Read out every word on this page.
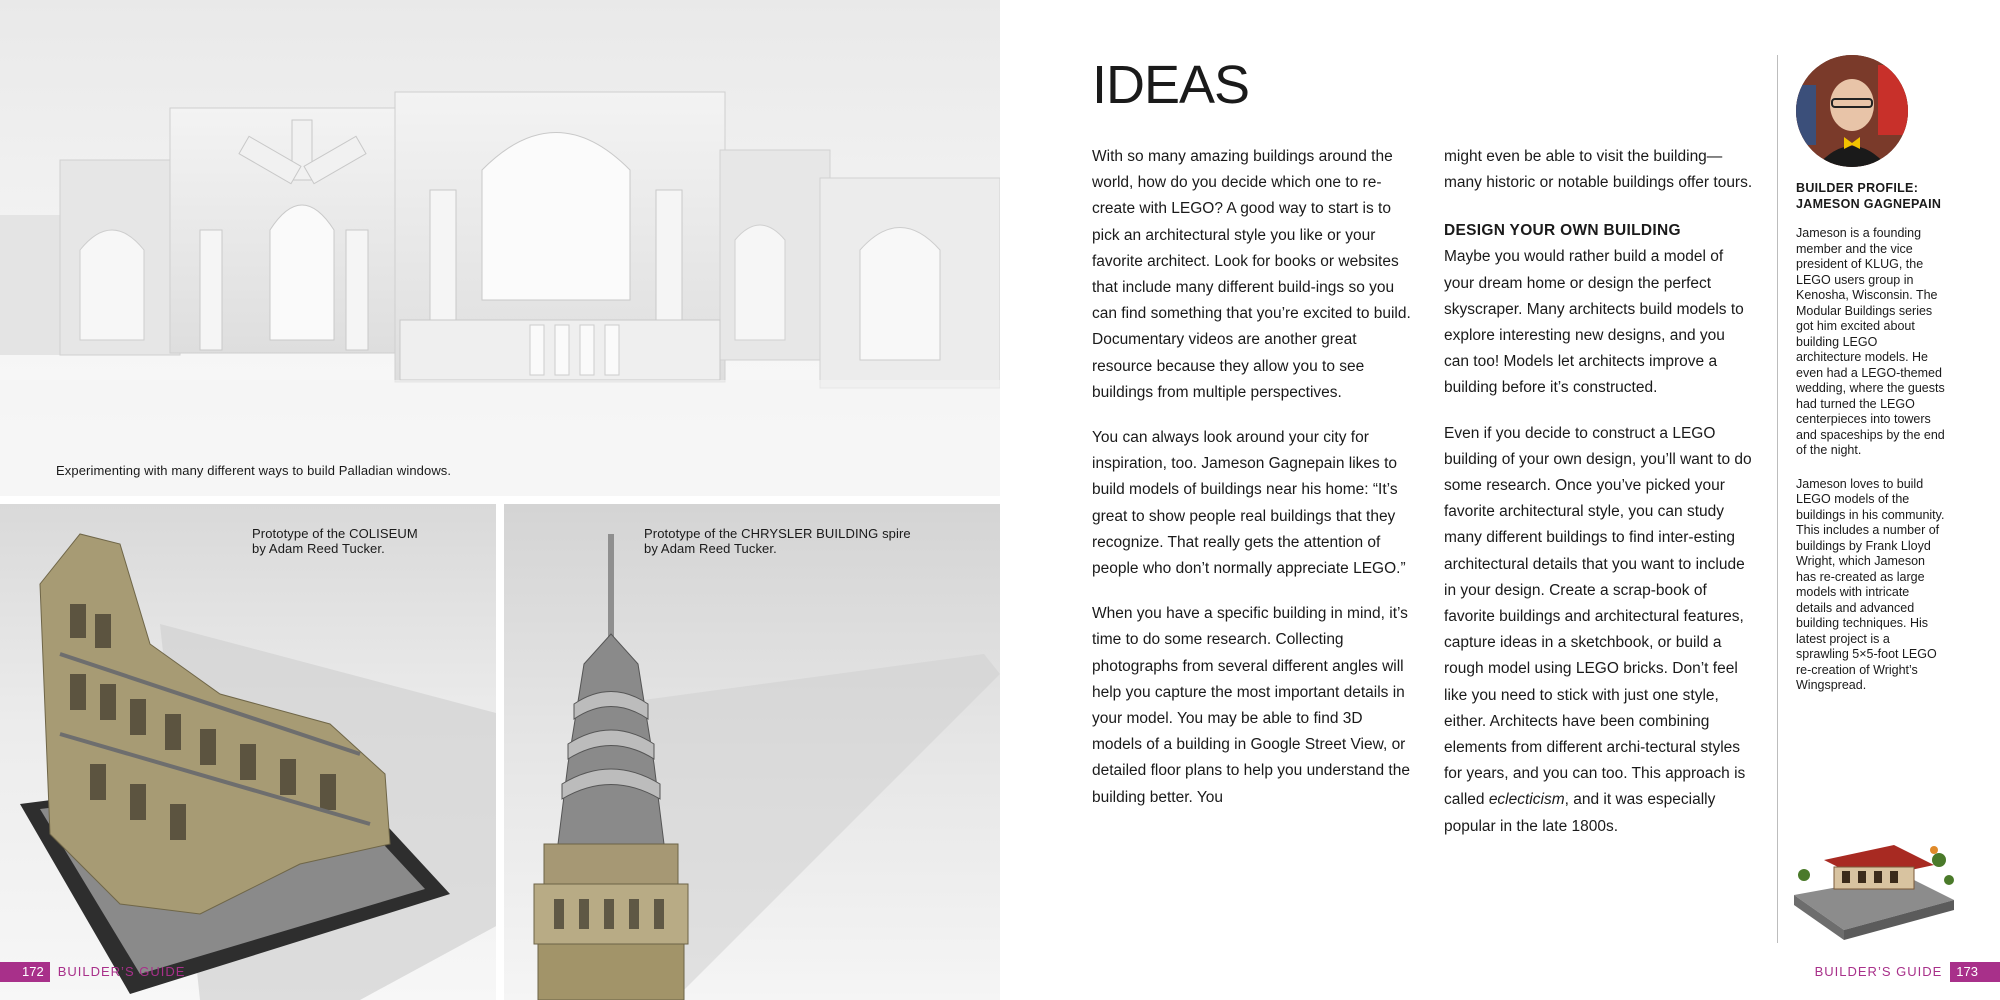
Experimenting with many different ways to build Palladian windows.
Prototype of the COLISEUM
by Adam Reed Tucker.
Prototype of the CHRYSLER BUILDING spire
by Adam Reed Tucker.
172 BUILDER’S GUIDE
IDEAS

With so many amazing buildings around the world, how do you decide which one to re-create with LEGO? A good way to start is to pick an architectural style you like or your favorite architect. Look for books or websites that include many different build-ings so you can find something that you’re excited to build. Documentary videos are another great resource because they allow you to see buildings from multiple perspectives.

You can always look around your city for inspiration, too. Jameson Gagnepain likes to build models of buildings near his home: “It’s great to show people real buildings that they recognize. That really gets the attention of people who don’t normally appreciate LEGO.”

When you have a specific building in mind, it’s time to do some research. Collecting photographs from several different angles will help you capture the most important details in your model. You may be able to find 3D models of a building in Google Street View, or detailed floor plans to help you understand the building better. You

might even be able to visit the building—many historic or notable buildings offer tours.

DESIGN YOUR OWN BUILDING

Maybe you would rather build a model of your dream home or design the perfect skyscraper. Many architects build models to explore interesting new designs, and you can too! Models let architects improve a building before it’s constructed.

Even if you decide to construct a LEGO building of your own design, you’ll want to do some research. Once you’ve picked your favorite architectural style, you can study many different buildings to find inter-esting architectural details that you want to include in your design. Create a scrap-book of favorite buildings and architectural features, capture ideas in a sketchbook, or build a rough model using LEGO bricks. Don’t feel like you need to stick with just one style, either. Architects have been combining elements from different archi-tectural styles for years, and you can too. This approach is called eclecticism, and it was especially popular in the late 1800s.

BUILDER PROFILE:
JAMESON GAGNEPAIN
Jameson is a founding member and the vice president of KLUG, the LEGO users group in Kenosha, Wisconsin. The Modular Buildings series got him excited about building LEGO architecture models. He even had a LEGO-themed wedding, where the guests had turned the LEGO centerpieces into towers and spaceships by the end of the night.
Jameson loves to build LEGO models of the buildings in his community. This includes a number of buildings by Frank Lloyd Wright, which Jameson has re-created as large models with intricate details and advanced building techniques. His latest project is a sprawling 5×5-foot LEGO re-creation of Wright’s Wingspread.
BUILDER’S GUIDE 173
